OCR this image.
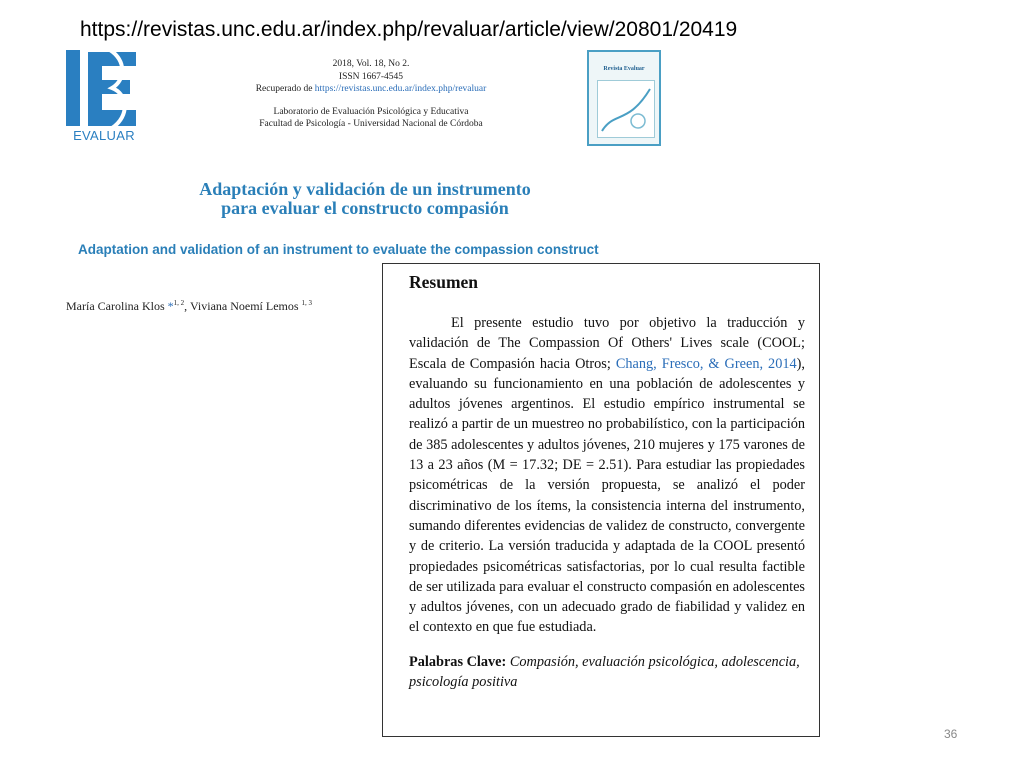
https://revistas.unc.edu.ar/index.php/revaluar/article/view/20801/20419
EVALUAR
2018, Vol. 18, No 2.
ISSN 1667-4545
Recuperado de https://revistas.unc.edu.ar/index.php/revaluar
Laboratorio de Evaluación Psicológica y Educativa
Facultad de Psicología - Universidad Nacional de Córdoba
Revista Evaluar
Adaptación y validación de un instrumento
para evaluar el constructo compasión
Adaptation and validation of an instrument to evaluate the compassion construct
María Carolina Klos *$^{1, 2}$, Viviana Noemí Lemos $^{1, 3}$
Resumen

El presente estudio tuvo por objetivo la traducción y validación de The Compassion Of Others' Lives scale (COOL; Escala de Compasión hacia Otros; Chang, Fresco, & Green, 2014), evaluando su funcionamiento en una población de adolescentes y adultos jóvenes argentinos. El estudio empírico instrumental se realizó a partir de un muestreo no probabilístico, con la participación de 385 adolescentes y adultos jóvenes, 210 mujeres y 175 varones de 13 a 23 años (M = 17.32; DE = 2.51). Para estudiar las propiedades psicométricas de la versión propuesta, se analizó el poder discriminativo de los ítems, la consistencia interna del instrumento, sumando diferentes evidencias de validez de constructo, convergente y de criterio. La versión traducida y adaptada de la COOL presentó propiedades psicométricas satisfactorias, por lo cual resulta factible de ser utilizada para evaluar el constructo compasión en adolescentes y adultos jóvenes, con un adecuado grado de fiabilidad y validez en el contexto en que fue estudiada.

Palabras Clave: Compasión, evaluación psicológica, adolescencia, psicología positiva

36
